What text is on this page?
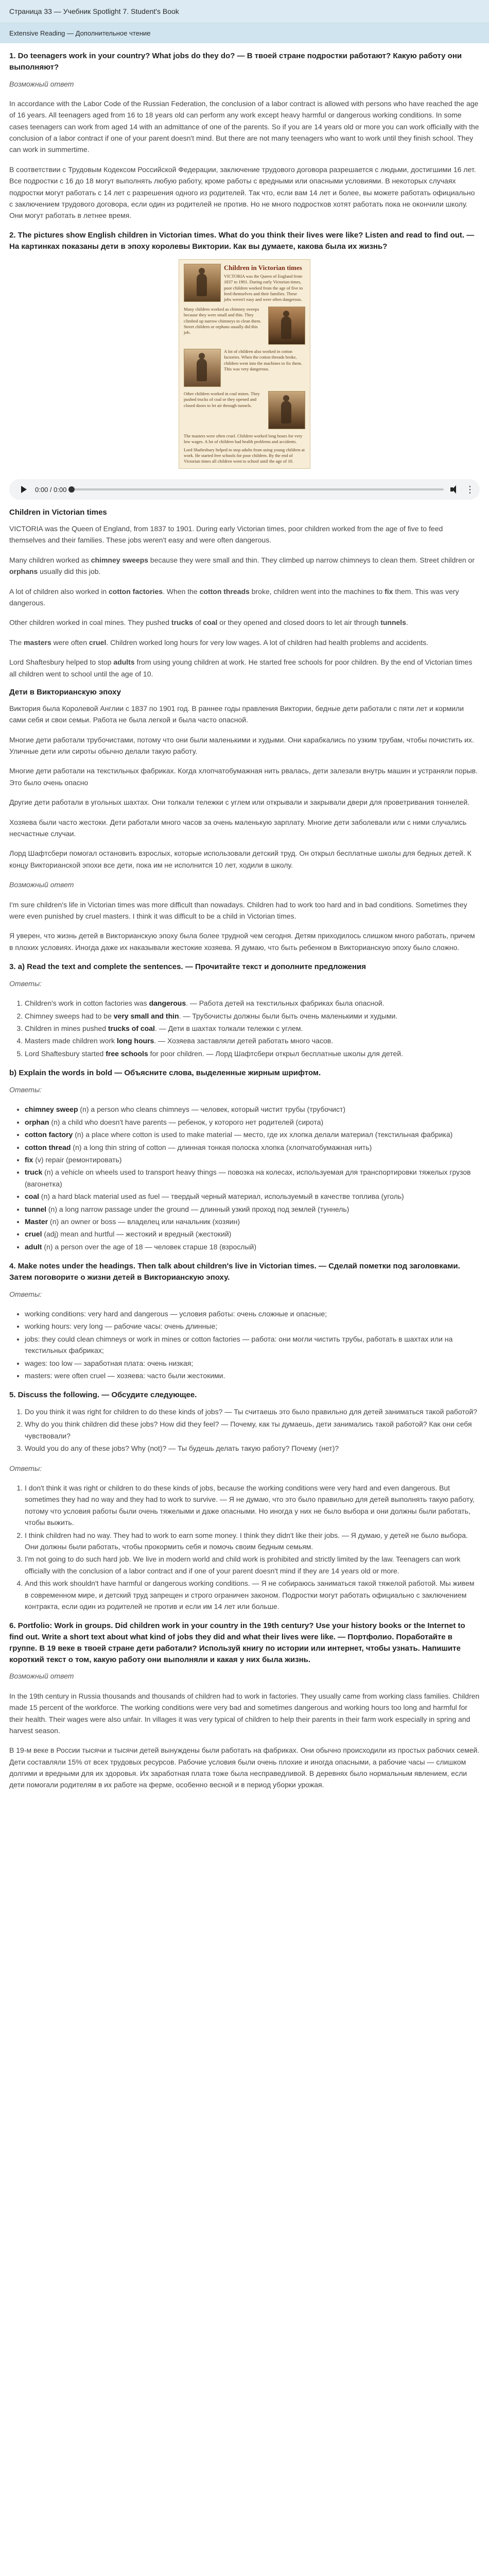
Страница 33 — Учебник Spotlight 7. Student's Book
Extensive Reading — Дополнительное чтение
1. Do teenagers work in your country? What jobs do they do? — В твоей стране подростки работают? Какую работу они выполняют?

Возможный ответ

In accordance with the Labor Code of the Russian Federation, the conclusion of a labor contract is allowed with persons who have reached the age of 16 years. All teenagers aged from 16 to 18 years old can perform any work except heavy harmful or dangerous working conditions. In some cases teenagers can work from aged 14 with an admittance of one of the parents. So if you are 14 years old or more you can work officially with the conclusion of a labor contract if one of your parent doesn't mind. But there are not many teenagers who want to work until they finish school. They can work in summertime.

В соответствии с Трудовым Кодексом Российской Федерации, заключение трудового договора разрешается с людьми, достигшими 16 лет. Все подростки с 16 до 18 могут выполнять любую работу, кроме работы с вредными или опасными условиями. В некоторых случаях подростки могут работать с 14 лет с разрешения одного из родителей. Так что, если вам 14 лет и более, вы можете работать официально с заключением трудового договора, если один из родителей не против. Но не много подростков хотят работать пока не окончили школу. Они могут работать в летнее время.

2. The pictures show English children in Victorian times. What do you think their lives were like? Listen and read to find out. — На картинках показаны дети в эпоху королевы Виктории. Как вы думаете, какова была их жизнь?
Children in Victorian times
VICTORIA was the Queen of England from 1837 to 1901. During early Victorian times, poor children worked from the age of five to feed themselves and their families. These jobs weren't easy and were often dangerous.
Many children worked as chimney sweeps because they were small and thin. They climbed up narrow chimneys to clean them. Street children or orphans usually did this job.
A lot of children also worked in cotton factories. When the cotton threads broke, children went into the machines to fix them. This was very dangerous.
Other children worked in coal mines. They pushed trucks of coal or they opened and closed doors to let air through tunnels.
The masters were often cruel. Children worked long hours for very low wages. A lot of children had health problems and accidents.
Lord Shaftesbury helped to stop adults from using young children at work. He started free schools for poor children. By the end of Victorian times all children went to school until the age of 10.
0:00 / 0:00	⋮
Children in Victorian times

VICTORIA was the Queen of England, from 1837 to 1901. During early Victorian times, poor children worked from the age of five to feed themselves and their families. These jobs weren't easy and were often dangerous.

Many children worked as chimney sweeps because they were small and thin. They climbed up narrow chimneys to clean them. Street children or orphans usually did this job.

A lot of children also worked in cotton factories. When the cotton threads broke, children went into the machines to fix them. This was very dangerous.

Other children worked in coal mines. They pushed trucks of coal or they opened and closed doors to let air through tunnels.

The masters were often cruel. Children worked long hours for very low wages. A lot of children had health problems and accidents.

Lord Shaftesbury helped to stop adults from using young children at work. He started free schools for poor children. By the end of Victorian times all children went to school until the age of 10.

Дети в Викторианскую эпоху

Виктория была Королевой Англии с 1837 по 1901 год. В раннее годы правления Виктории, бедные дети работали с пяти лет и кормили сами себя и свои семьи. Работа не была легкой и была часто опасной.

Многие дети работали трубочистами, потому что они были маленькими и худыми. Они карабкались по узким трубам, чтобы почистить их. Уличные дети или сироты обычно делали такую работу.

Многие дети работали на текстильных фабриках. Когда хлопчатобумажная нить рвалась, дети залезали внутрь машин и устраняли порыв. Это было очень опасно

Другие дети работали в угольных шахтах. Они толкали тележки с углем или открывали и закрывали двери для проветривания тоннелей.

Хозяева были часто жестоки. Дети работали много часов за очень маленькую зарплату. Многие дети заболевали или с ними случались несчастные случаи.

Лорд Шафтсбери помогал остановить взрослых, которые использовали детский труд. Он открыл бесплатные школы для бедных детей. К концу Викторианской эпохи все дети, пока им не исполнится 10 лет, ходили в школу.

Возможный ответ

I'm sure children's life in Victorian times was more difficult than nowadays. Children had to work too hard and in bad conditions. Sometimes they were even punished by cruel masters. I think it was difficult to be a child in Victorian times.

Я уверен, что жизнь детей в Викторианскую эпоху была более трудной чем сегодня. Детям приходилось слишком много работать, причем в плохих условиях. Иногда даже их наказывали жестокие хозяева. Я думаю, что быть ребенком в Викторианскую эпоху было сложно.

3. a) Read the text and complete the sentences. — Прочитайте текст и дополните предложения

Ответы:

1. Children's work in cotton factories was dangerous. — Работа детей на текстильных фабриках была опасной.
2. Chimney sweeps had to be very small and thin. — Трубочисты должны были быть очень маленькими и худыми.
3. Children in mines pushed trucks of coal. — Дети в шахтах толкали тележки с углем.
4. Masters made children work long hours. — Хозяева заставляли детей работать много часов.
5. Lord Shaftesbury started free schools for poor children. — Лорд Шафтсбери открыл бесплатные школы для детей.
b) Explain the words in bold — Объясните слова, выделенные жирным шрифтом.

Ответы:

• chimney sweep (n) a person who cleans chimneys — человек, который чистит трубы (трубочист)
• orphan (n) a child who doesn't have parents — ребенок, у которого нет родителей (сирота)
• cotton factory (n) a place where cotton is used to make material — место, где их хлопка делали материал (текстильная фабрика)
• cotton thread (n) a long thin string of cotton — длинная тонкая полоска хлопка (хлопчатобумажная нить)
• fix (v) repair (ремонтировать)
• truck (n) a vehicle on wheels used to transport heavy things — повозка на колесах, используемая для транспортировки тяжелых грузов (вагонетка)
• coal (n) a hard black material used as fuel — твердый черный материал, используемый в качестве топлива (уголь)
• tunnel (n) a long narrow passage under the ground — длинный узкий проход под землей (туннель)
• Master (n) an owner or boss — владелец или начальник (хозяин)
• cruel (adj) mean and hurtful — жестокий и вредный (жестокий)
• adult (n) a person over the age of 18 — человек старше 18 (взрослый)
4. Make notes under the headings. Then talk about children's live in Victorian times. — Сделай пометки под заголовками. Затем поговорите о жизни детей в Викторианскую эпоху.

Ответы:

• working conditions: very hard and dangerous — условия работы: очень сложные и опасные;
• working hours: very long — рабочие часы: очень длинные;
• jobs: they could clean chimneys or work in mines or cotton factories — работа: они могли чистить трубы, работать в шахтах или на текстильных фабриках;
• wages: too low — заработная плата: очень низкая;
• masters: were often cruel — хозяева: часто были жестокими.
5. Discuss the following. — Обсудите следующее.
1. Do you think it was right for children to do these kinds of jobs? — Ты считаешь это было правильно для детей заниматься такой работой?
2. Why do you think children did these jobs? How did they feel? — Почему, как ты думаешь, дети занимались такой работой? Как они себя чувствовали?
3. Would you do any of these jobs? Why (not)? — Ты будешь делать такую работу? Почему (нет)?

Ответы:

1. I don't think it was right or children to do these kinds of jobs, because the working conditions were very hard and even dangerous. But sometimes they had no way and they had to work to survive. — Я не думаю, что это было правильно для детей выполнять такую работу, потому что условия работы были очень тяжелыми и даже опасными. Но иногда у них не было выбора и они должны были работать, чтобы выжить.
2. I think children had no way. They had to work to earn some money. I think they didn't like their jobs. — Я думаю, у детей не было выбора. Они должны были работать, чтобы прокормить себя и помочь своим бедным семьям.
3. I'm not going to do such hard job. We live in modern world and child work is prohibited and strictly limited by the law. Teenagers can work officially with the conclusion of a labor contract and if one of your parent doesn't mind if they are 14 years old or more.
4. And this work shouldn't have harmful or dangerous working conditions. — Я не собираюсь заниматься такой тяжелой работой. Мы живем в современном мире, и детский труд запрещен и строго ограничен законом. Подростки могут работать официально с заключением контракта, если один из родителей не против и если им 14 лет или больше.
6. Portfolio: Work in groups. Did children work in your country in the 19th century? Use your history books or the Internet to find out. Write a short text about what kind of jobs they did and what their lives were like. — Портфолио. Поработайте в группе. В 19 веке в твоей стране дети работали? Используй книгу по истории или интернет, чтобы узнать. Напишите короткий текст о том, какую работу они выполняли и какая у них была жизнь.

Возможный ответ

In the 19th century in Russia thousands and thousands of children had to work in factories. They usually came from working class families. Children made 15 percent of the workforce. The working conditions were very bad and sometimes dangerous and working hours too long and harmful for their health. Their wages were also unfair. In villages it was very typical of children to help their parents in their farm work especially in spring and harvest season.

В 19-м веке в России тысячи и тысячи детей вынуждены были работать на фабриках. Они обычно происходили из простых рабочих семей. Дети составляли 15% от всех трудовых ресурсов. Рабочие условия были очень плохие и иногда опасными, а рабочие часы — слишком долгими и вредными для их здоровья. Их заработная плата тоже была несправедливой. В деревнях было нормальным явлением, если дети помогали родителям в их работе на ферме, особенно весной и в период уборки урожая.
